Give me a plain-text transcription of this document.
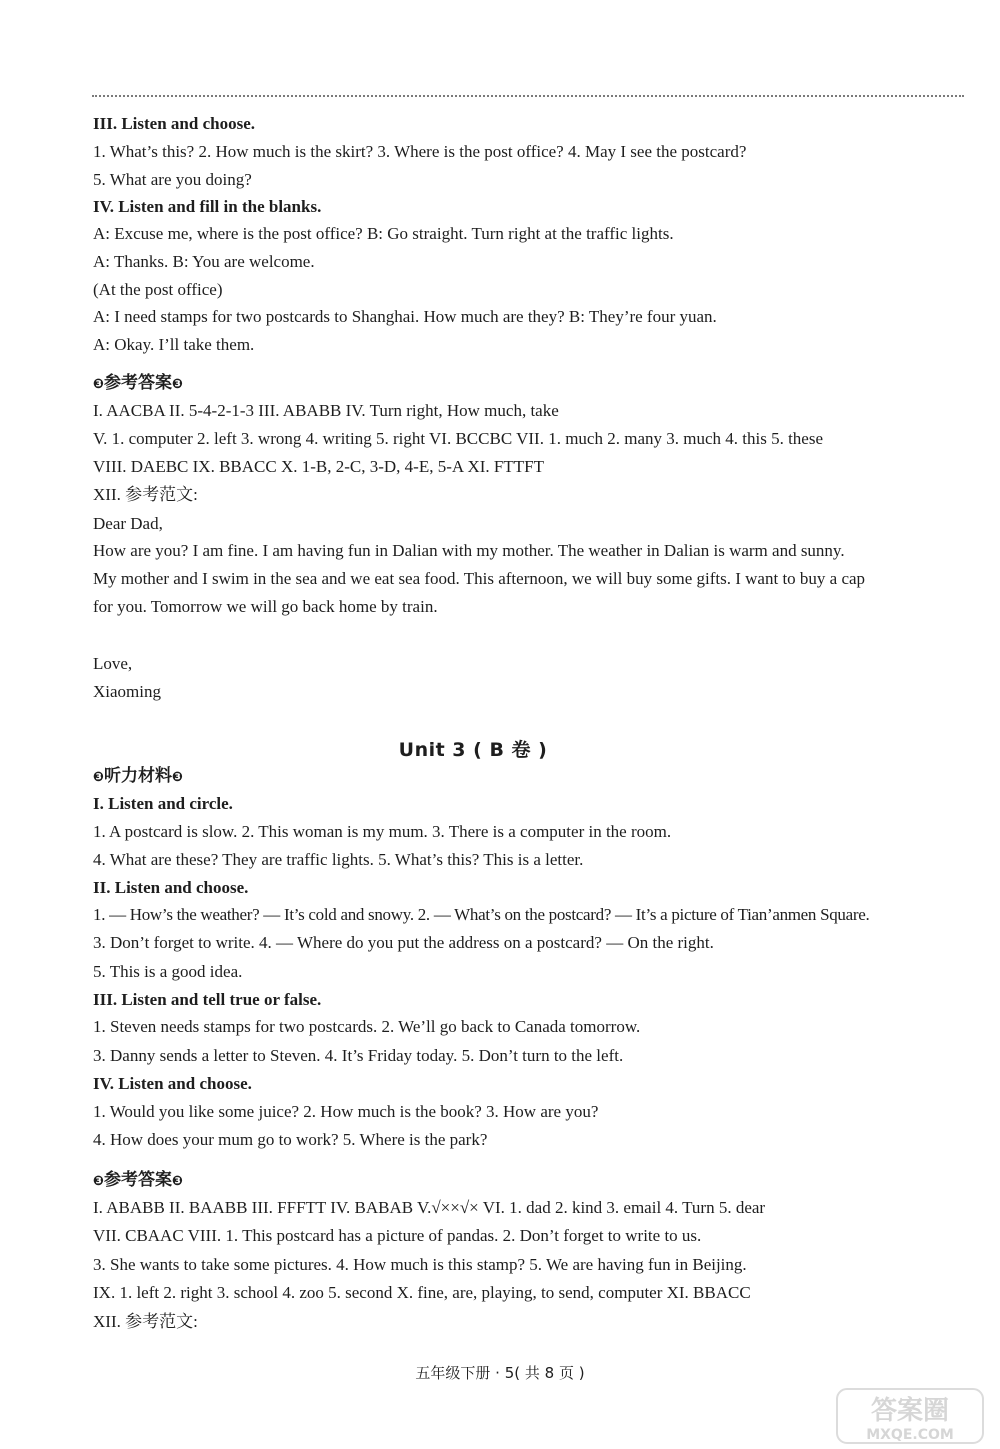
III. Listen and choose.
1. What’s this? 2. How much is the skirt? 3. Where is the post office? 4. May I see the postcard?
5. What are you doing?
IV. Listen and fill in the blanks.
A: Excuse me, where is the post office? B: Go straight. Turn right at the traffic lights.
A: Thanks. B: You are welcome.
(At the post office)
A: I need stamps for two postcards to Shanghai. How much are they? B: They’re four yuan.
A: Okay. I’ll take them.
❸参考答案❸
I. AACBA II. 5-4-2-1-3 III. ABABB IV. Turn right, How much, take
V. 1. computer 2. left 3. wrong 4. writing 5. right VI. BCCBC VII. 1. much 2. many 3. much 4. this 5. these
VIII. DAEBC IX. BBACC X. 1-B, 2-C, 3-D, 4-E, 5-A XI. FTTFT
XII. 参考范文:
Dear Dad,
How are you? I am fine. I am having fun in Dalian with my mother. The weather in Dalian is warm and sunny.
My mother and I swim in the sea and we eat sea food. This afternoon, we will buy some gifts. I want to buy a cap
for you. Tomorrow we will go back home by train.
Love,
Xiaoming
Unit 3 ( B 卷 )
❸听力材料❸
I. Listen and circle.
1. A postcard is slow. 2. This woman is my mum. 3. There is a computer in the room.
4. What are these? They are traffic lights. 5. What’s this? This is a letter.
II. Listen and choose.
1. — How’s the weather? — It’s cold and snowy. 2. — What’s on the postcard? — It’s a picture of Tian’anmen Square.
3. Don’t forget to write. 4. — Where do you put the address on a postcard? — On the right.
5. This is a good idea.
III. Listen and tell true or false.
1. Steven needs stamps for two postcards. 2. We’ll go back to Canada tomorrow.
3. Danny sends a letter to Steven. 4. It’s Friday today. 5. Don’t turn to the left.
IV. Listen and choose.
1. Would you like some juice? 2. How much is the book? 3. How are you?
4. How does your mum go to work? 5. Where is the park?
❸参考答案❸
I. ABABB II. BAABB III. FFFTT IV. BABAB V.√××√× VI. 1. dad 2. kind 3. email 4. Turn 5. dear
VII. CBAAC VIII. 1. This postcard has a picture of pandas. 2. Don’t forget to write to us.
3. She wants to take some pictures. 4. How much is this stamp? 5. We are having fun in Beijing.
IX. 1. left 2. right 3. school 4. zoo 5. second X. fine, are, playing, to send, computer XI. BBACC
XII. 参考范文:
五年级下册 · 5( 共 8 页 )
答案圈
MXQE.COM
